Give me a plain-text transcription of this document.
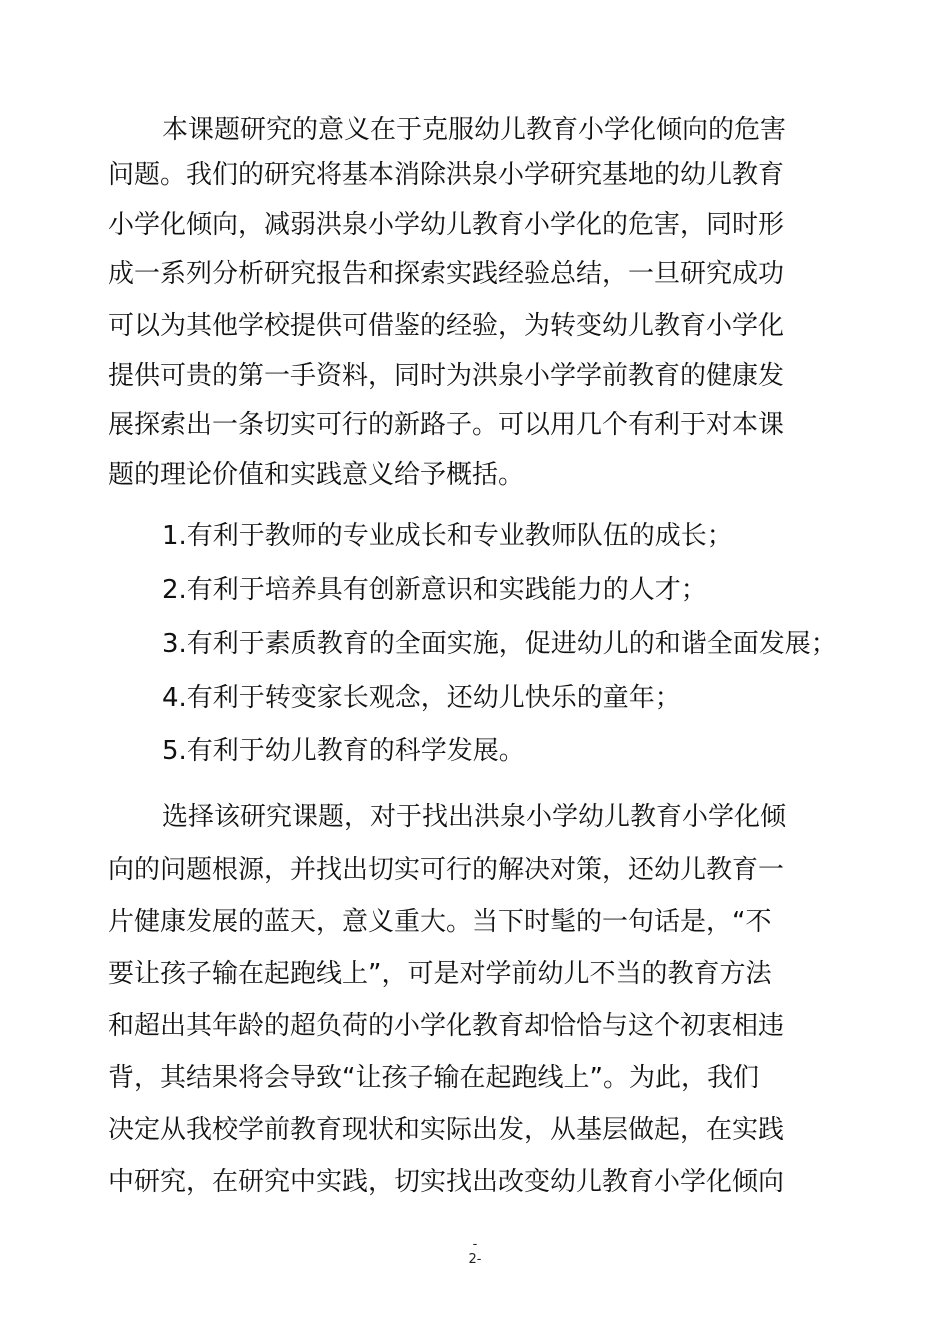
本课题研究的意义在于克服幼儿教育小学化倾向的危害
问题。我们的研究将基本消除洪泉小学研究基地的幼儿教育
小学化倾向，减弱洪泉小学幼儿教育小学化的危害，同时形
成一系列分析研究报告和探索实践经验总结，一旦研究成功
可以为其他学校提供可借鉴的经验，为转变幼儿教育小学化
提供可贵的第一手资料，同时为洪泉小学学前教育的健康发
展探索出一条切实可行的新路子。可以用几个有利于对本课
题的理论价值和实践意义给予概括。
1.有利于教师的专业成长和专业教师队伍的成长；
2.有利于培养具有创新意识和实践能力的人才；
3.有利于素质教育的全面实施，促进幼儿的和谐全面发展；
4.有利于转变家长观念，还幼儿快乐的童年；
5.有利于幼儿教育的科学发展。
选择该研究课题，对于找出洪泉小学幼儿教育小学化倾
向的问题根源，并找出切实可行的解决对策，还幼儿教育一
片健康发展的蓝天，意义重大。当下时髦的一句话是，“不
要让孩子输在起跑线上”，可是对学前幼儿不当的教育方法
和超出其年龄的超负荷的小学化教育却恰恰与这个初衷相违
背，其结果将会导致“让孩子输在起跑线上”。为此，我们
决定从我校学前教育现状和实际出发，从基层做起，在实践
中研究，在研究中实践，切实找出改变幼儿教育小学化倾向
-
2-
